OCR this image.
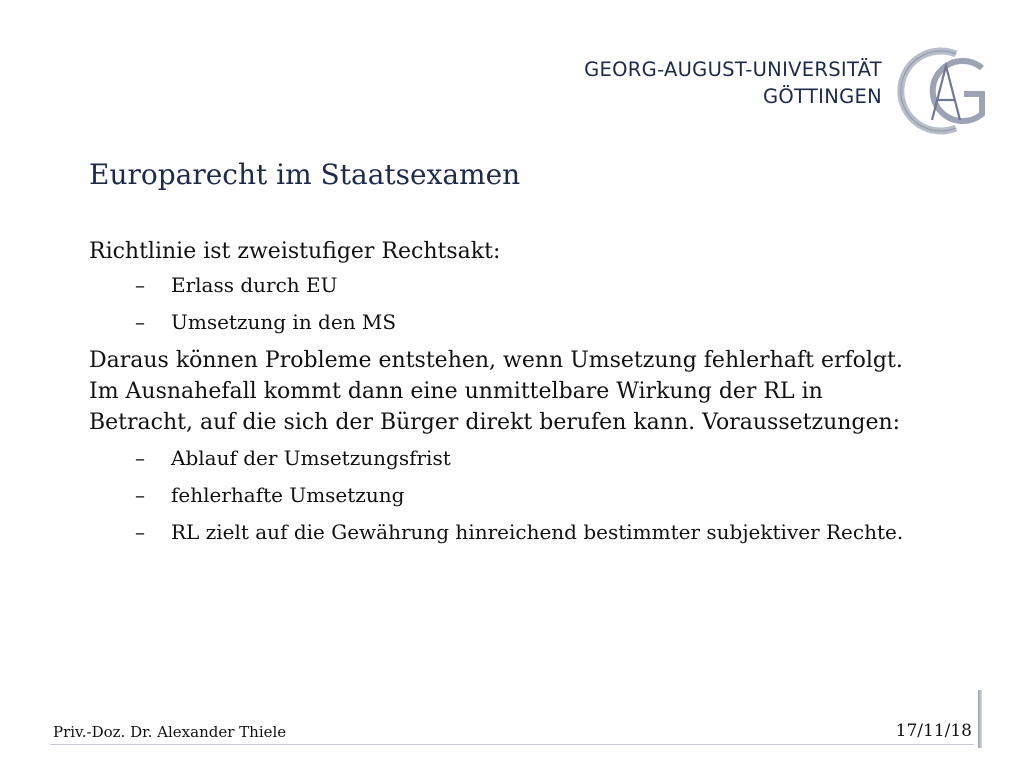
GEORG-AUGUST-UNIVERSITÄT
GÖTTINGEN
· · · ·
Europarecht im Staatsexamen

Richtlinie ist zweistufiger Rechtsakt:

– Erlass durch EU
– Umsetzung in den MS

Daraus können Probleme entstehen, wenn Umsetzung fehlerhaft erfolgt. Im Ausnahefall kommt dann eine unmittelbare Wirkung der RL in Betracht, auf die sich der Bürger direkt berufen kann. Voraussetzungen:

– Ablauf der Umsetzungsfrist
– fehlerhafte Umsetzung
– RL zielt auf die Gewährung hinreichend bestimmter subjektiver Rechte.
Priv.-Doz. Dr. Alexander Thiele	17/11/18
